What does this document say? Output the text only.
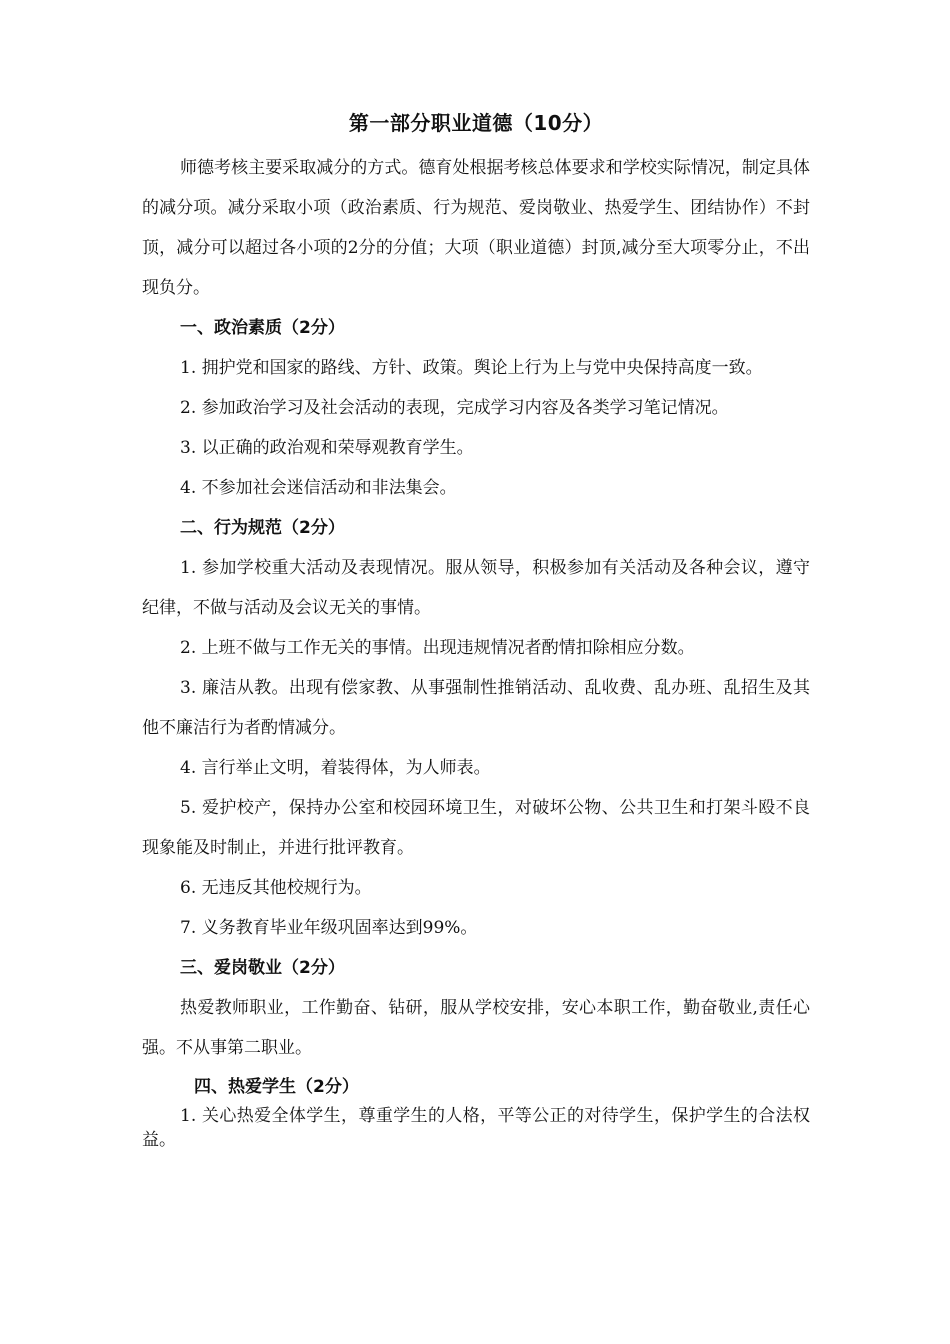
第一部分职业道德（10分）

师德考核主要采取减分的方式。德育处根据考核总体要求和学校实际情况，制定具体的减分项。减分采取小项（政治素质、行为规范、爱岗敬业、热爱学生、团结协作）不封顶，减分可以超过各小项的2分的分值；大项（职业道德）封顶,减分至大项零分止，不出现负分。

一、政治素质（2分）

1. 拥护党和国家的路线、方针、政策。舆论上行为上与党中央保持高度一致。

2. 参加政治学习及社会活动的表现，完成学习内容及各类学习笔记情况。

3. 以正确的政治观和荣辱观教育学生。

4. 不参加社会迷信活动和非法集会。

二、行为规范（2分）

1. 参加学校重大活动及表现情况。服从领导，积极参加有关活动及各种会议，遵守纪律，不做与活动及会议无关的事情。

2. 上班不做与工作无关的事情。出现违规情况者酌情扣除相应分数。

3. 廉洁从教。出现有偿家教、从事强制性推销活动、乱收费、乱办班、乱招生及其他不廉洁行为者酌情减分。

4. 言行举止文明，着装得体，为人师表。

5. 爱护校产，保持办公室和校园环境卫生，对破坏公物、公共卫生和打架斗殴不良现象能及时制止，并进行批评教育。

6. 无违反其他校规行为。

7. 义务教育毕业年级巩固率达到99%。

三、爱岗敬业（2分）

热爱教师职业，工作勤奋、钻研，服从学校安排，安心本职工作，勤奋敬业,责任心强。不从事第二职业。

四、热爱学生（2分）

1. 关心热爱全体学生，尊重学生的人格，平等公正的对待学生，保护学生的合法权益。
